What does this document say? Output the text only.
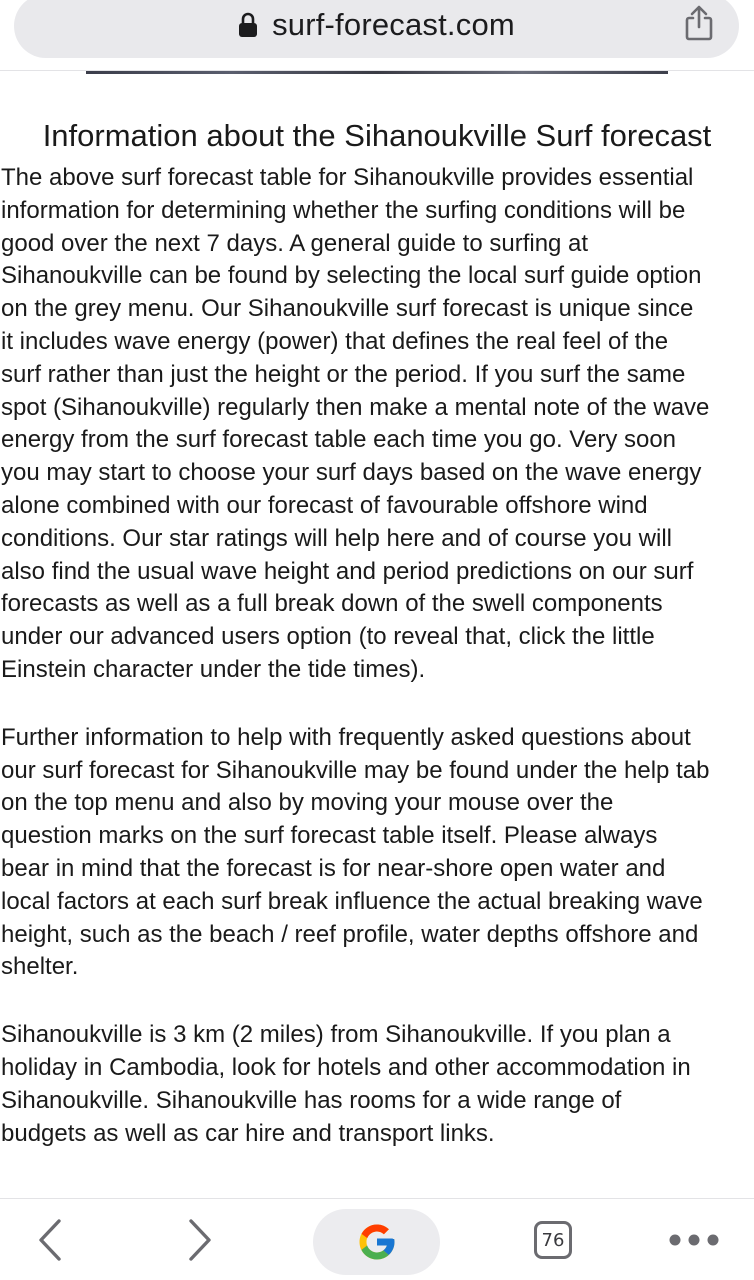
surf-forecast.com
Information about the Sihanoukville Surf forecast

The above surf forecast table for Sihanoukville provides essential
information for determining whether the surfing conditions will be
good over the next 7 days. A general guide to surfing at
Sihanoukville can be found by selecting the local surf guide option
on the grey menu. Our Sihanoukville surf forecast is unique since
it includes wave energy (power) that defines the real feel of the
surf rather than just the height or the period. If you surf the same
spot (Sihanoukville) regularly then make a mental note of the wave
energy from the surf forecast table each time you go. Very soon
you may start to choose your surf days based on the wave energy
alone combined with our forecast of favourable offshore wind
conditions. Our star ratings will help here and of course you will
also find the usual wave height and period predictions on our surf
forecasts as well as a full break down of the swell components
under our advanced users option (to reveal that, click the little
Einstein character under the tide times).

Further information to help with frequently asked questions about
our surf forecast for Sihanoukville may be found under the help tab
on the top menu and also by moving your mouse over the
question marks on the surf forecast table itself. Please always
bear in mind that the forecast is for near-shore open water and
local factors at each surf break influence the actual breaking wave
height, such as the beach / reef profile, water depths offshore and
shelter.

Sihanoukville is 3 km (2 miles) from Sihanoukville. If you plan a
holiday in Cambodia, look for hotels and other accommodation in
Sihanoukville. Sihanoukville has rooms for a wide range of
budgets as well as car hire and transport links.

76
